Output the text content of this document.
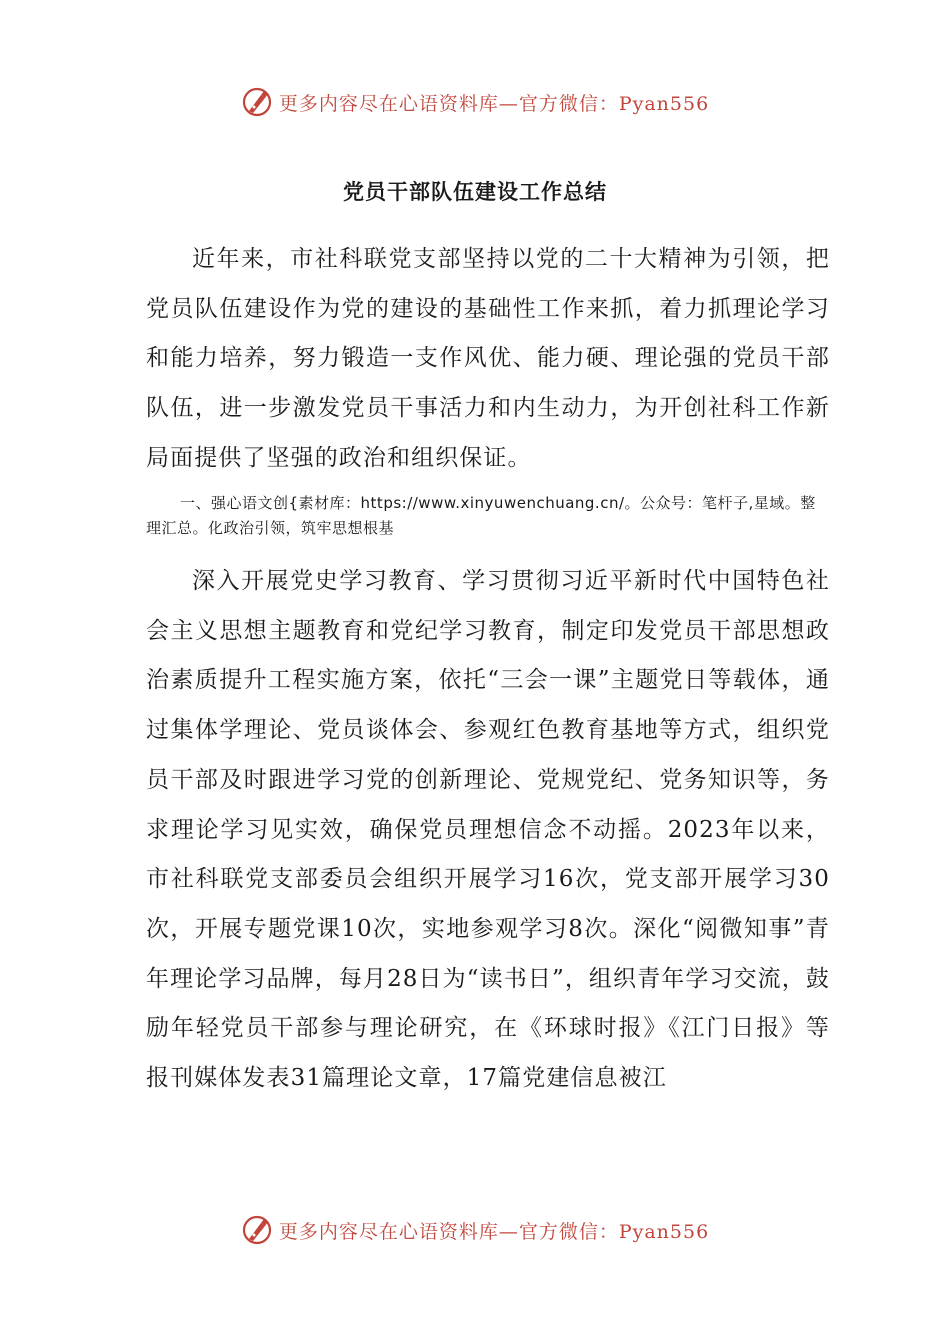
更多内容尽在心语资料库—官方微信：Pyan556
党员干部队伍建设工作总结

近年来，市社科联党支部坚持以党的二十大精神为引领，把党员队伍建设作为党的建设的基础性工作来抓，着力抓理论学习和能力培养，努力锻造一支作风优、能力硬、理论强的党员干部队伍，进一步激发党员干事活力和内生动力，为开创社科工作新局面提供了坚强的政治和组织保证。

一、强心语文创{素材库：https://www.xinyuwenchuang.cn/。公众号：笔杆子,星域。整理汇总。化政治引领，筑牢思想根基

深入开展党史学习教育、学习贯彻习近平新时代中国特色社会主义思想主题教育和党纪学习教育，制定印发党员干部思想政治素质提升工程实施方案，依托“三会一课”主题党日等载体，通过集体学理论、党员谈体会、参观红色教育基地等方式，组织党员干部及时跟进学习党的创新理论、党规党纪、党务知识等，务求理论学习见实效，确保党员理想信念不动摇。2023年以来，市社科联党支部委员会组织开展学习16次，党支部开展学习30次，开展专题党课10次，实地参观学习8次。深化“阅微知事”青年理论学习品牌，每月28日为“读书日”，组织青年学习交流，鼓励年轻党员干部参与理论研究，在《环球时报》《江门日报》等报刊媒体发表31篇理论文章，17篇党建信息被江

更多内容尽在心语资料库—官方微信：Pyan556
